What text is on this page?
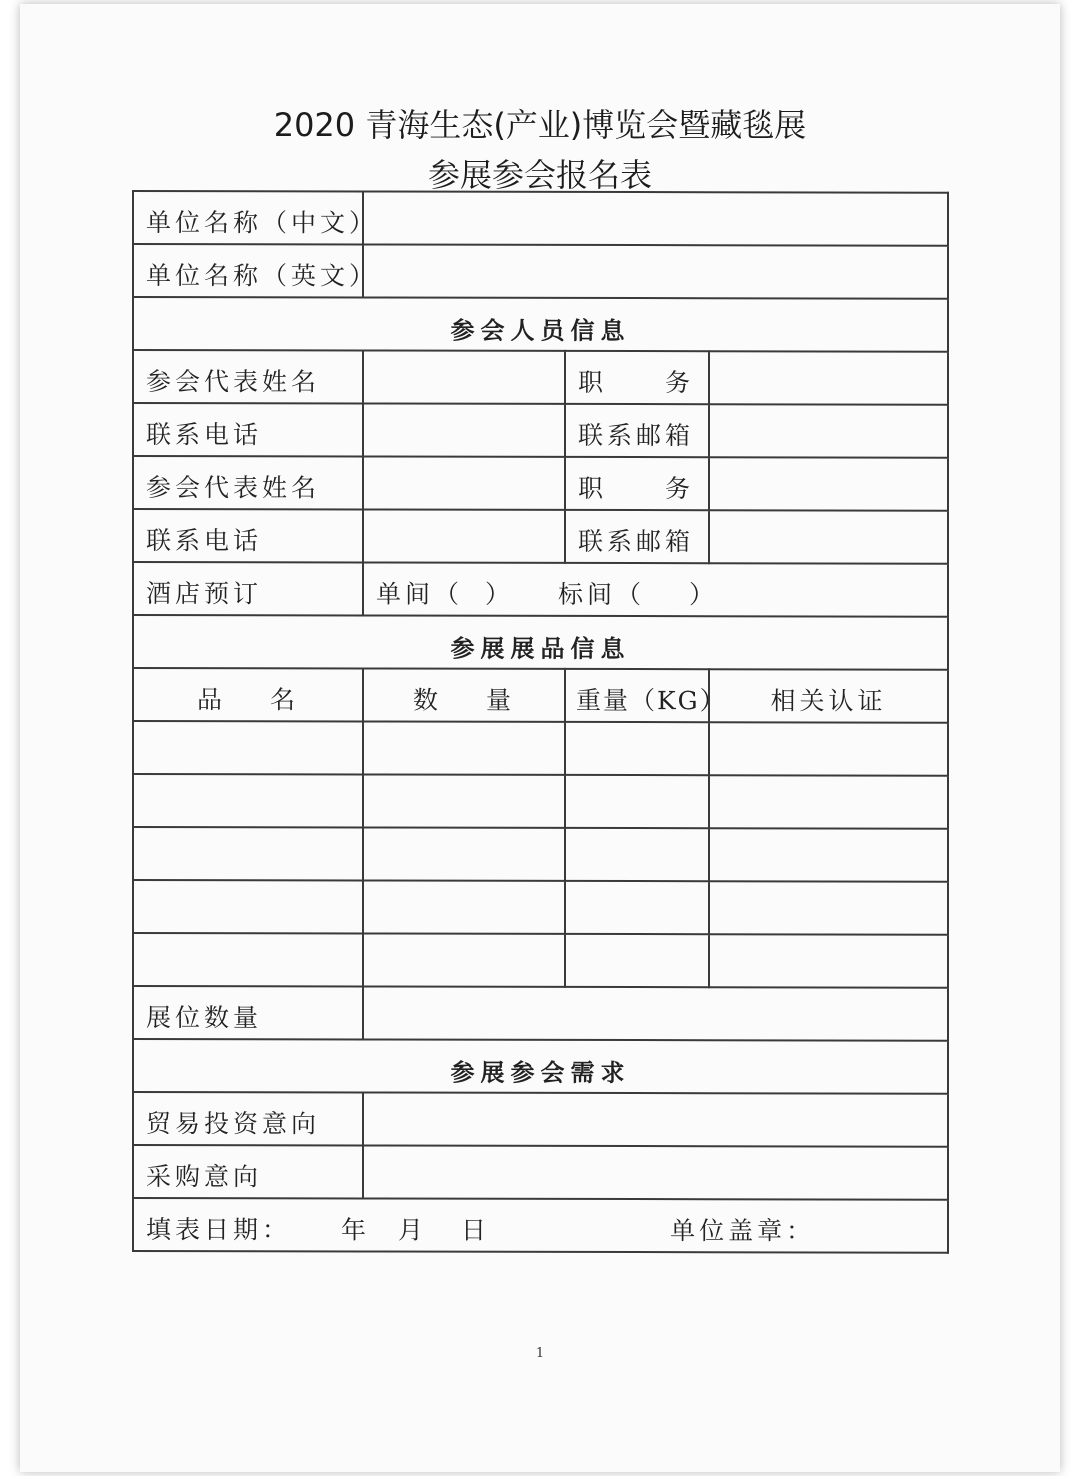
2020 青海生态(产业)博览会暨藏毯展
参展参会报名表
单位名称（中文）			
单位名称（英文）			
参会人员信息			
参会代表姓名		职 务	
联系电话		联系邮箱	
参会代表姓名		职 务	
联系电话		联系邮箱	
酒店预订	单间（ ） 标间（ ）		
参展展品信息			
品 名	数 量	重量（KG）	相关认证

展位数量			
参展参会需求			
贸易投资意向			
采购意向			
填表日期： 年 月 日 单位盖章：			
1
